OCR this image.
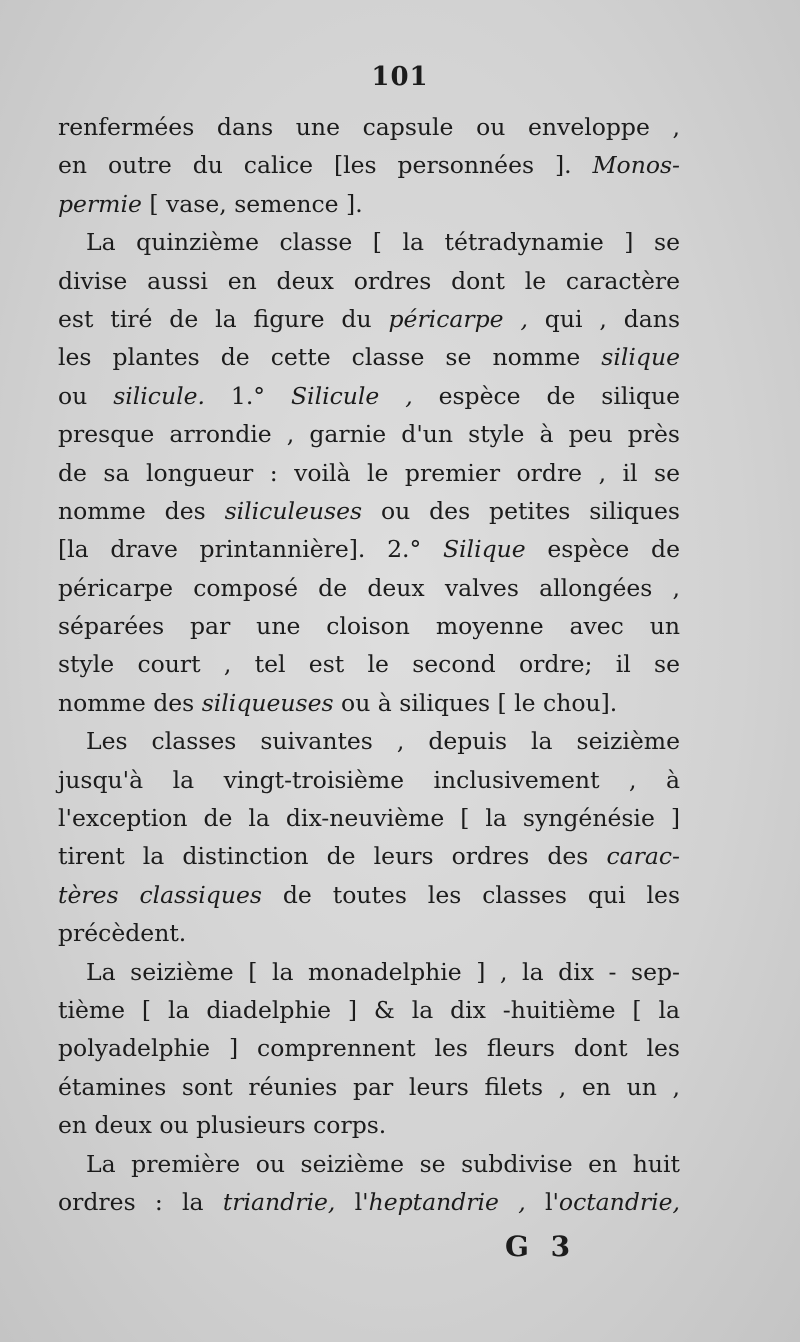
101
renfermées dans une capsule ou enveloppe ,
en outre du calice [les personnées ]. Monos-
permie [ vase, semence ].
La quinzième classe [ la tétradynamie ] se
divise aussi en deux ordres dont le caractère
est tiré de la figure du péricarpe , qui , dans
les plantes de cette classe se nomme silique
ou silicule. 1.° Silicule , espèce de silique
presque arrondie , garnie d'un style à peu près
de sa longueur : voilà le premier ordre , il se
nomme des siliculeuses ou des petites siliques
[la drave printannière]. 2.° Silique espèce de
péricarpe composé de deux valves allongées ,
séparées par une cloison moyenne avec un
style court , tel est le second ordre; il se
nomme des siliqueuses ou à siliques [ le chou].
Les classes suivantes , depuis la seizième
jusqu'à la vingt-troisième inclusivement , à
l'exception de la dix-neuvième [ la syngénésie ]
tirent la distinction de leurs ordres des carac-
tères classiques de toutes les classes qui les
précèdent.
La seizième [ la monadelphie ] , la dix - sep-
tième [ la diadelphie ] & la dix -huitième [ la
polyadelphie ] comprennent les fleurs dont les
étamines sont réunies par leurs filets , en un ,
en deux ou plusieurs corps.
La première ou seizième se subdivise en huit
ordres : la triandrie, l'heptandrie , l'octandrie,
G 3
